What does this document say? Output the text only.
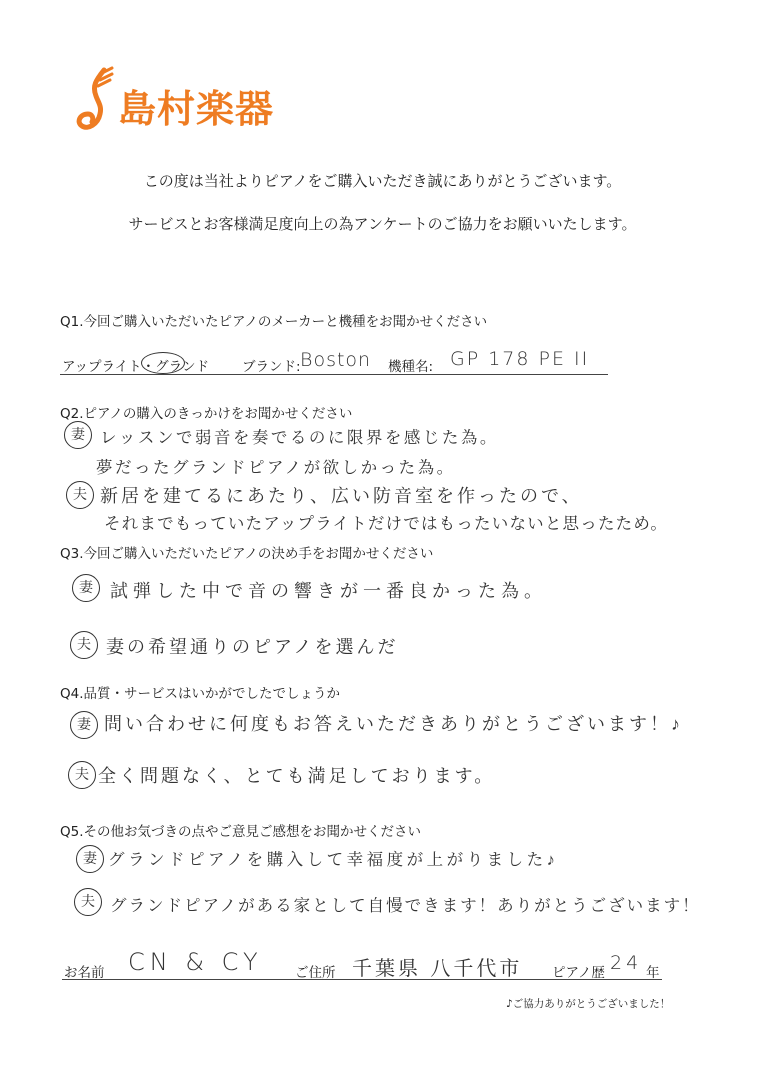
島村楽器
この度は当社よりピアノをご購入いただき誠にありがとうございます。
サービスとお客様満足度向上の為アンケートのご協力をお願いいたします。
Q1.今回ご購入いただいたピアノのメーカーと機種をお聞かせください
アップライト・グランド ブランド: Boston 機種名: GP 178 PE II
Q2.ピアノの購入のきっかけをお聞かせください
妻 レッスンで弱音を奏でるのに限界を感じた為。
夢だったグランドピアノが欲しかった為。
夫 新居を建てるにあたり、広い防音室を作ったので、
それまでもっていたアップライトだけではもったいないと思ったため。
Q3.今回ご購入いただいたピアノの決め手をお聞かせください
妻 試弾した中で音の響きが一番良かった為。
夫 妻の希望通りのピアノを選んだ
Q4.品質・サービスはいかがでしたでしょうか
妻 問い合わせに何度もお答えいただきありがとうございます！♪
夫 全く問題なく、とても満足しております。
Q5.その他お気づきの点やご意見ご感想をお聞かせください
妻 グランドピアノを購入して幸福度が上がりました♪
夫 グランドピアノがある家として自慢できます！ありがとうございます！
お名前 CN & CY ご住所 千葉県 八千代市 ピアノ歴 24 年
♪ご協力ありがとうございました！
